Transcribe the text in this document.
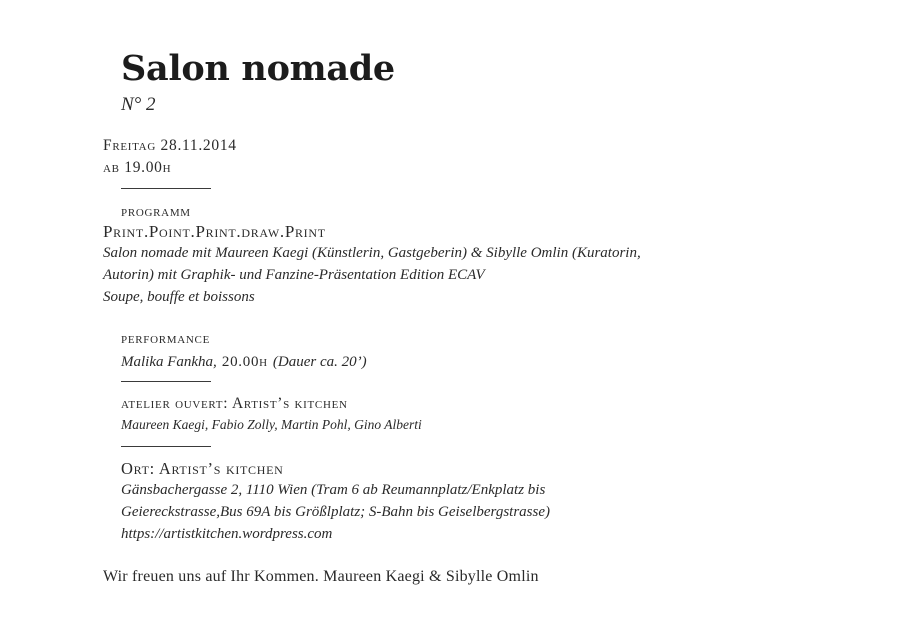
Salon nomade
N° 2
Freitag 28.11.2014
ab 19.00h
programm
Print.Point.Print.draw.Print
Salon nomade mit Maureen Kaegi (Künstlerin, Gastgeberin) & Sibylle Omlin (Kuratorin,
Autorin) mit Graphik- und Fanzine-Präsentation Edition ECAV
Soupe, bouffe et boissons
performance
Malika Fankha, 20.00h (Dauer ca. 20’)
atelier ouvert: Artist’s kitchen
Maureen Kaegi, Fabio Zolly, Martin Pohl, Gino Alberti
Ort: Artist’s kitchen
Gänsbachergasse 2, 1110 Wien (Tram 6 ab Reumannplatz/Enkplatz bis
Geiereckstrasse,Bus 69A bis Größlplatz; S-Bahn bis Geiselbergstrasse)
https://artistkitchen.wordpress.com
Wir freuen uns auf Ihr Kommen. Maureen Kaegi & Sibylle Omlin
